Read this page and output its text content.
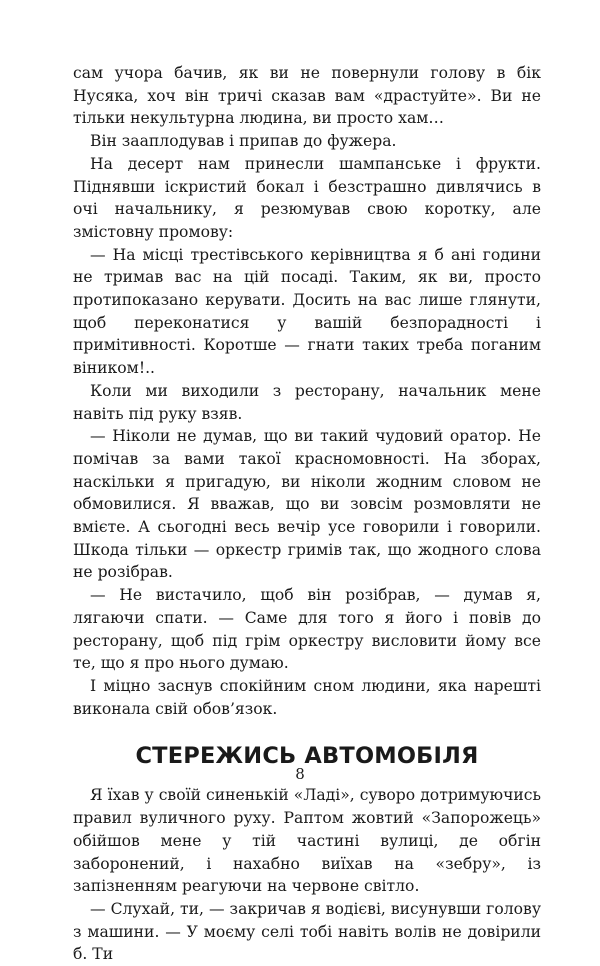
сам учора бачив, як ви не повернули голову в бік Нусяка, хоч він тричі сказав вам «драстуйте». Ви не тільки некультурна людина, ви просто хам…

Він зааплодував і припав до фужера.

На десерт нам принесли шампанське і фрукти. Піднявши іскристий бокал і безстрашно дивлячись в очі начальнику, я резюмував свою коротку, але змістовну промову:

— На місці трестівського керівництва я б ані години не тримав вас на цій посаді. Таким, як ви, просто протипоказано керувати. Досить на вас лише глянути, щоб переконатися у вашій безпорадності і примітивності. Коротше — гнати таких треба поганим віником!..

Коли ми виходили з ресторану, начальник мене навіть під руку взяв.

— Ніколи не думав, що ви такий чудовий оратор. Не помічав за вами такої красномовності. На зборах, наскільки я пригадую, ви ніколи жодним словом не обмовилися. Я вважав, що ви зовсім розмовляти не вмієте. А сьогодні весь вечір усе говорили і говорили. Шкода тільки — оркестр гримів так, що жодного слова не розібрав.

— Не вистачило, щоб він розібрав, — думав я, лягаючи спати. — Саме для того я його і повів до ресторану, щоб під грім оркестру висловити йому все те, що я про нього думаю.

І міцно заснув спокійним сном людини, яка нарешті виконала свій обов’язок.

СТЕРЕЖИСЬ АВТОМОБІЛЯ

Я їхав у своїй синенькій «Ладі», суворо дотримуючись правил вуличного руху. Раптом жовтий «Запорожець» обійшов мене у тій частині вулиці, де обгін заборонений, і нахабно виїхав на «зебру», із запізненням реагуючи на червоне світло.

— Слухай, ти, — закричав я водієві, висунувши голову з машини. — У моєму селі тобі навіть волів не довірили б. Ти

8
